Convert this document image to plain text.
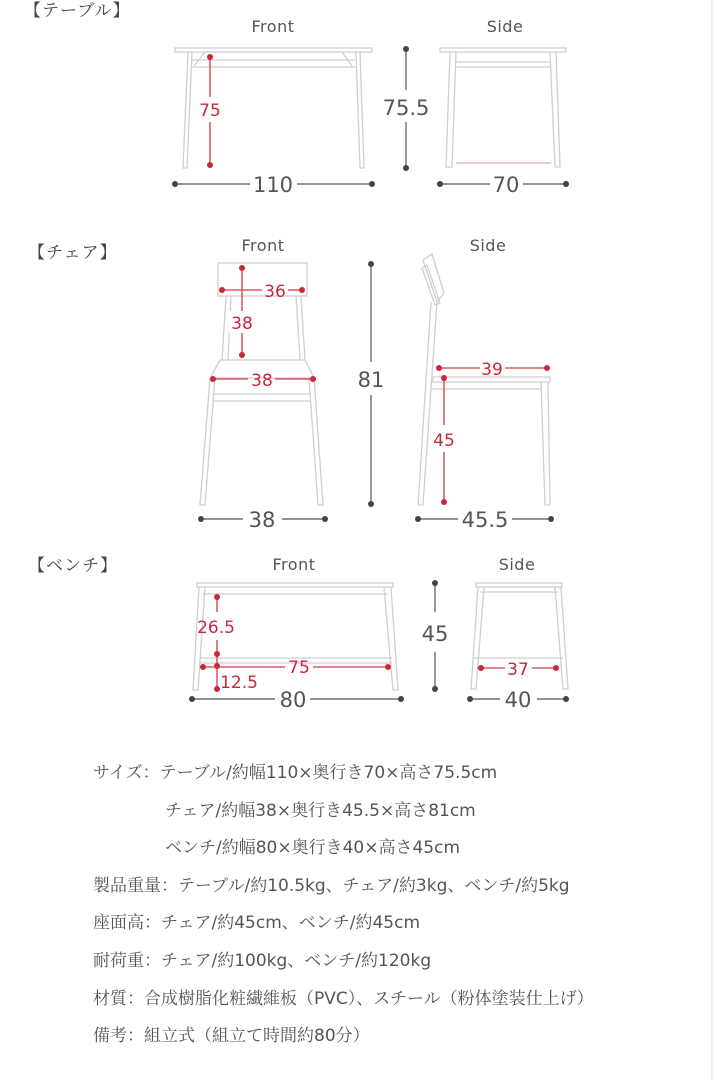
【テーブル】
【チェア】
【ベンチ】
Front
75
110
75.5
Side
70
Front
36
38
38
38
81
Side
39
45
45.5
Front
26.5
75
12.5
80
45
Side
37
40
サイズ：テーブル/約幅110×奥行き70×高さ75.5cm
チェア/約幅38×奥行き45.5×高さ81cm
ベンチ/約幅80×奥行き40×高さ45cm
製品重量：テーブル/約10.5kg、チェア/約3kg、ベンチ/約5kg
座面高：チェア/約45cm、ベンチ/約45cm
耐荷重：チェア/約100kg、ベンチ/約120kg
材質：合成樹脂化粧繊維板（PVC）、スチール（粉体塗装仕上げ）
備考：組立式（組立て時間約80分）
